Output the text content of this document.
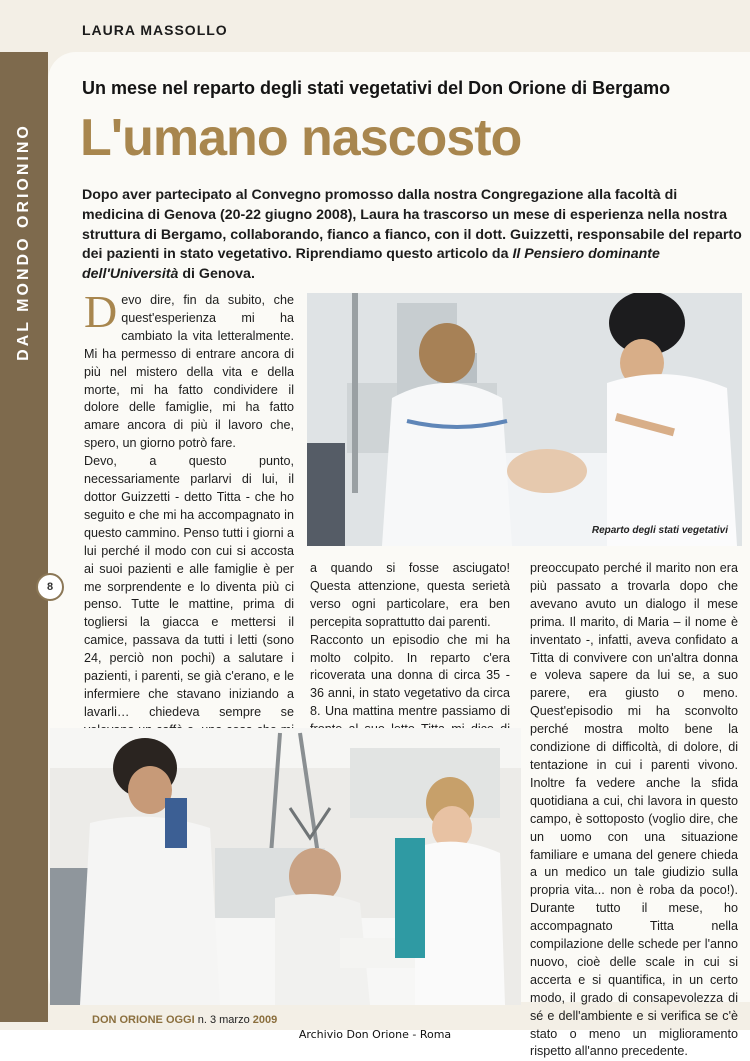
LAURA MASSOLLO
DAL MONDO ORIONINO
Un mese nel reparto degli stati vegetativi del Don Orione di Bergamo
L'umano nascosto
Dopo aver partecipato al Convegno promosso dalla nostra Congregazione alla facoltà di medicina di Genova (20-22 giugno 2008), Laura ha trascorso un mese di esperienza nella nostra struttura di Bergamo, collaborando, fianco a fianco, con il dott. Guizzetti, responsabile del reparto dei pazienti in stato vegetativo. Riprendiamo questo articolo da Il Pensiero dominante dell'Università di Genova.
8

Devo dire, fin da subito, che quest'esperienza mi ha cambiato la vita letteralmente. Mi ha permesso di entrare ancora di più nel mistero della vita e della morte, mi ha fatto condividere il dolore delle famiglie, mi ha fatto amare ancora di più il lavoro che, spero, un giorno potrò fare.

Devo, a questo punto, necessariamente parlarvi di lui, il dottor Guizzetti - detto Titta - che ho seguito e che mi ha accompagnato in questo cammino. Penso tutti i giorni a lui perché il modo con cui si accosta ai suoi pazienti e alle famiglie è per me sorprendente e lo diventa più ci penso. Tutte le mattine, prima di togliersi la giacca e mettersi il camice, passava da tutti i letti (sono 24, perciò non pochi) a salutare i pazienti, i parenti, se già c'erano, e le infermiere che stavano iniziando a lavarli… chiedeva sempre se

Reparto degli stati vegetativi

a quando si fosse asciugato! Questa attenzione, questa serietà verso ogni particolare, era ben percepita soprattutto dai parenti.

Racconto un episodio che mi ha molto colpito. In reparto c'era ricoverata una donna di circa 35 - 36 anni, in stato vegetativo da circa 8. Una mattina mentre passiamo di

preoccupato perché il marito non era più passato a trovarla dopo che avevano avuto un dialogo il mese prima. Il marito, di Maria – il nome è inventato -, infatti, aveva confidato a Titta di convivere con un'altra donna e voleva sapere da lui se, a suo parere, era giusto o meno. Quest'episodio mi ha sconvolto perché mostra molto bene la condizione di difficoltà, di dolore, di tentazione in cui i parenti vivono. Inoltre fa vedere anche la sfida quotidiana a cui, chi lavora in questo campo, è sottoposto (voglio dire, che un uomo con una situazione familiare e umana del genere chieda a un medico un tale giudizio sulla propria vita... non è roba da poco!). Durante tutto il mese, ho accompagnato Titta nella compilazione delle schede per l'anno nuovo, cioè delle scale in cui si accerta e si quantifica, in un certo modo, il grado di consapevolezza di sé e dell'ambiente e si verifica se c'è stato o meno un miglioramento rispetto all'anno precedente.

DON ORIONE OGGI n. 3 marzo 2009
Archivio Don Orione - Roma
